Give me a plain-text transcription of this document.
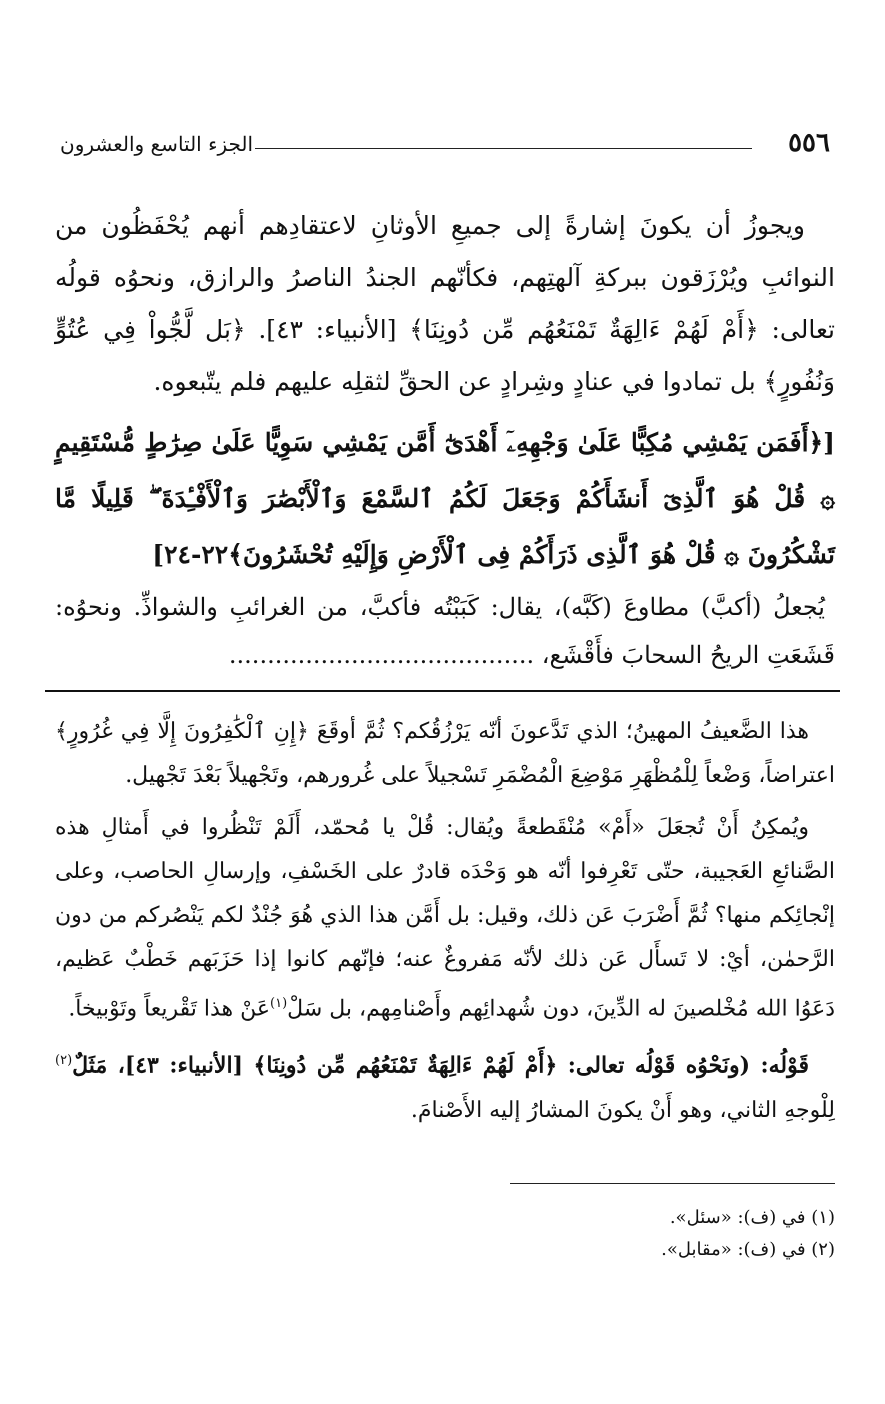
٥٥٦
الجزء التاسع والعشرون

ويجوزُ أن يكونَ إشارةً إلى جميعِ الأوثانِ لاعتقادِهم أنهم يُحْفَظُون من النوائبِ ويُرْزَقون ببركةِ آلهتِهم، فكأنّهم الجندُ الناصرُ والرازق، ونحوُه قولُه تعالى: ﴿أَمْ لَهُمْ ءَالِهَةٌ تَمْنَعُهُم مِّن دُونِنَا﴾ [الأنبياء: ٤٣]. ﴿بَل لَّجُّواْ فِي عُتُوٍّ وَنُفُورٍ﴾ بل تمادوا في عنادٍ وشِرادٍ عن الحقِّ لثقلِه عليهم فلم يتّبعوه.

[﴿أَفَمَن يَمْشِي مُكِبًّا عَلَىٰ وَجْهِهِۦٓ أَهْدَىٰٓ أَمَّن يَمْشِي سَوِيًّا عَلَىٰ صِرَٰطٍ مُّسْتَقِيمٍ ۞ قُلْ هُوَ ٱلَّذِىٓ أَنشَأَكُمْ وَجَعَلَ لَكُمُ ٱلسَّمْعَ وَٱلْأَبْصَٰرَ وَٱلْأَفْـِٔدَةَ ۖ قَلِيلًا مَّا تَشْكُرُونَ ۞ قُلْ هُوَ ٱلَّذِى ذَرَأَكُمْ فِى ٱلْأَرْضِ وَإِلَيْهِ تُحْشَرُونَ﴾٢٢-٢٤]

يُجعلُ (أكبَّ) مطاوعَ (كَبَّه)، يقال: كَبَبْتُه فأكبَّ، من الغرائبِ والشواذِّ. ونحوُه: قَشَعَتِ الريحُ السحابَ فأَقْشَع، ........................................

هذا الضَّعيفُ المهينُ؛ الذي تَدَّعونَ أنّه يَرْزُقُكم؟ ثُمَّ أوقَعَ ﴿إِنِ ٱلْكَٰفِرُونَ إِلَّا فِي غُرُورٍ﴾ اعتراضاً، وَضْعاً لِلْمُظْهَرِ مَوْضِعَ الْمُضْمَرِ تَسْجيلاً على غُرورهم، وتَجْهيلاً بَعْدَ تَجْهيل.

ويُمكِنُ أَنْ تُجعَلَ «أَمْ» مُنْقَطعةً ويُقال: قُلْ يا مُحمّد، أَلَمْ تَنْظُروا في أَمثالِ هذه الصَّنائعِ العَجيبة، حتّى تَعْرِفوا أنّه هو وَحْدَه قادرٌ على الخَسْفِ، وإرسالِ الحاصب، وعلى إنْجائِكم منها؟ ثُمَّ أَضْرَبَ عَن ذلك، وقيل: بل أَمَّن هذا الذي هُوَ جُنْدٌ لكم يَنْصُركم من دون الرَّحمٰن، أيْ: لا تَسأَل عَن ذلك لأنّه مَفروغٌ عنه؛ فإنّهم كانوا إذا حَزَبَهم خَطْبٌ عَظيم، دَعَوُا الله مُخْلصينَ له الدِّينَ، دون شُهدائِهم وأَصْنامِهم، بل سَلْ$^{(١)}$عَنْ هذا تَقْريعاً وتَوْبيخاً.

قَوْلُه: (ونَحْوُه قَوْلُه تعالى: ﴿أَمْ لَهُمْ ءَالِهَةٌ تَمْنَعُهُم مِّن دُونِنَا﴾ [الأنبياء: ٤٣]، مَثَلٌ$^{(٢)}$ لِلْوجهِ الثاني، وهو أَنْ يكونَ المشارُ إليه الأَصْنامَ.

(١) في (ف): «سئل».
(٢) في (ف): «مقابل».
